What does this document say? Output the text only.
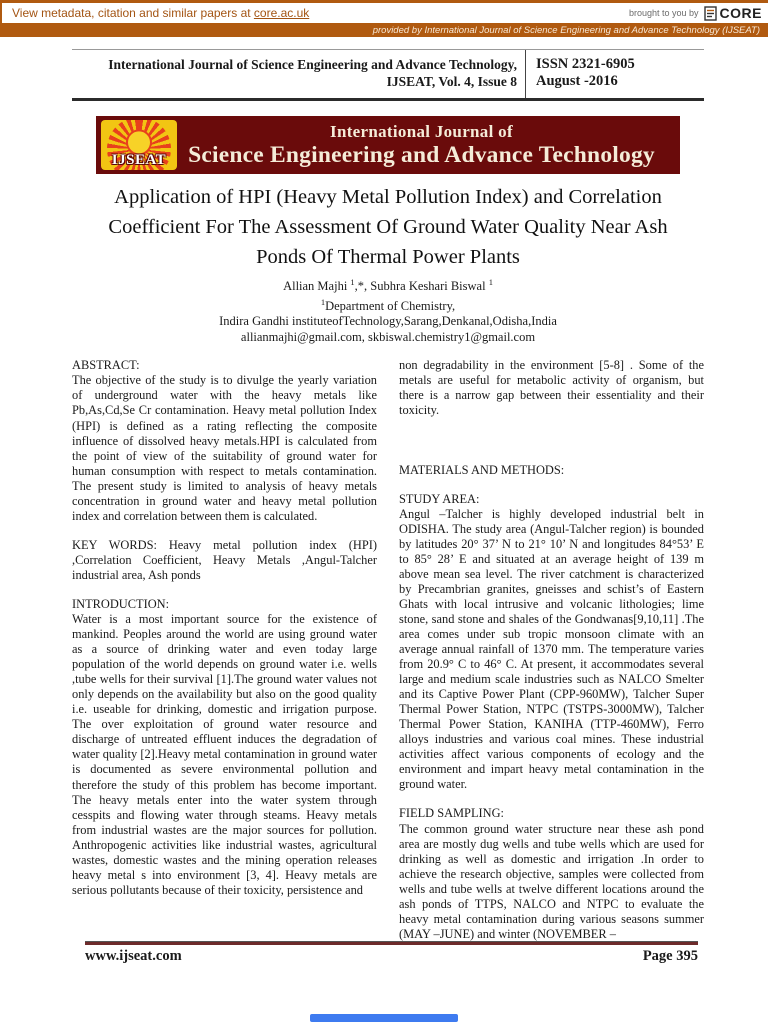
View metadata, citation and similar papers at core.ac.uk	brought to you by CORE
provided by International Journal of Science Engineering and Advance Technology (IJSEAT)
International Journal of Science Engineering and Advance Technology,
IJSEAT, Vol. 4, Issue 8
ISSN 2321-6905
August -2016
IJSEAT
International Journal of
Science Engineering and Advance Technology
Application of HPI (Heavy Metal Pollution Index) and Correlation
Coefficient For The Assessment Of Ground Water Quality Near Ash
Ponds Of Thermal Power Plants
Allian Majhi $^1$,*, Subhra Keshari Biswal $^1$
$^1$Department of Chemistry,
Indira Gandhi instituteofTechnology,Sarang,Denkanal,Odisha,India
allianmajhi@gmail.com, skbiswal.chemistry1@gmail.com

ABSTRACT:

The objective of the study is to divulge the yearly variation of underground water with the heavy metals like Pb,As,Cd,Se Cr contamination. Heavy metal pollution Index (HPI) is defined as a rating reflecting the composite influence of dissolved heavy metals.HPI is calculated from the point of view of the suitability of ground water for human consumption with respect to metals contamination. The present study is limited to analysis of heavy metals concentration in ground water and heavy metal pollution index and correlation between them is calculated.

KEY WORDS: Heavy metal pollution index (HPI) ,Correlation Coefficient, Heavy Metals ,Angul-Talcher industrial area, Ash ponds

INTRODUCTION:

Water is a most important source for the existence of mankind. Peoples around the world are using ground water as a source of drinking water and even today large population of the world depends on ground water i.e. wells ,tube wells for their survival [1].The ground water values not only depends on the availability but also on the good quality i.e. useable for drinking, domestic and irrigation purpose. The over exploitation of ground water resource and discharge of untreated effluent induces the degradation of water quality [2].Heavy metal contamination in ground water is documented as severe environmental pollution and therefore the study of this problem has become important. The heavy metals enter into the water system through cesspits and flowing water through steams. Heavy metals from industrial wastes are the major sources for pollution. Anthropogenic activities like industrial wastes, agricultural wastes, domestic wastes and the mining operation releases heavy metal s into environment [3, 4]. Heavy metals are serious pollutants because of their toxicity, persistence and

non degradability in the environment [5-8] . Some of the metals are useful for metabolic activity of organism, but there is a narrow gap between their essentiality and their toxicity.

MATERIALS AND METHODS:

STUDY AREA:

Angul –Talcher is highly developed industrial belt in ODISHA. The study area (Angul-Talcher region) is bounded by latitudes 20° 37’ N to 21° 10’ N and longitudes 84°53’ E to 85° 28’ E and situated at an average height of 139 m above mean sea level. The river catchment is characterized by Precambrian granites, gneisses and schist’s of Eastern Ghats with local intrusive and volcanic lithologies; lime stone, sand stone and shales of the Gondwanas[9,10,11] .The area comes under sub tropic monsoon climate with an average annual rainfall of 1370 mm. The temperature varies from 20.9° C to 46° C. At present, it accommodates several large and medium scale industries such as NALCO Smelter and its Captive Power Plant (CPP-960MW), Talcher Super Thermal Power Station, NTPC (TSTPS-3000MW), Talcher Thermal Power Station, KANIHA (TTP-460MW), Ferro alloys industries and various coal mines. These industrial activities affect various components of ecology and the environment and impart heavy metal contamination in the ground water.

FIELD SAMPLING:

The common ground water structure near these ash pond area are mostly dug wells and tube wells which are used for drinking as well as domestic and irrigation .In order to achieve the research objective, samples were collected from wells and tube wells at twelve different locations around the ash ponds of TTPS, NALCO and NTPC to evaluate the heavy metal contamination during various seasons summer (MAY –JUNE) and winter (NOVEMBER –

www.ijseat.com	Page 395
